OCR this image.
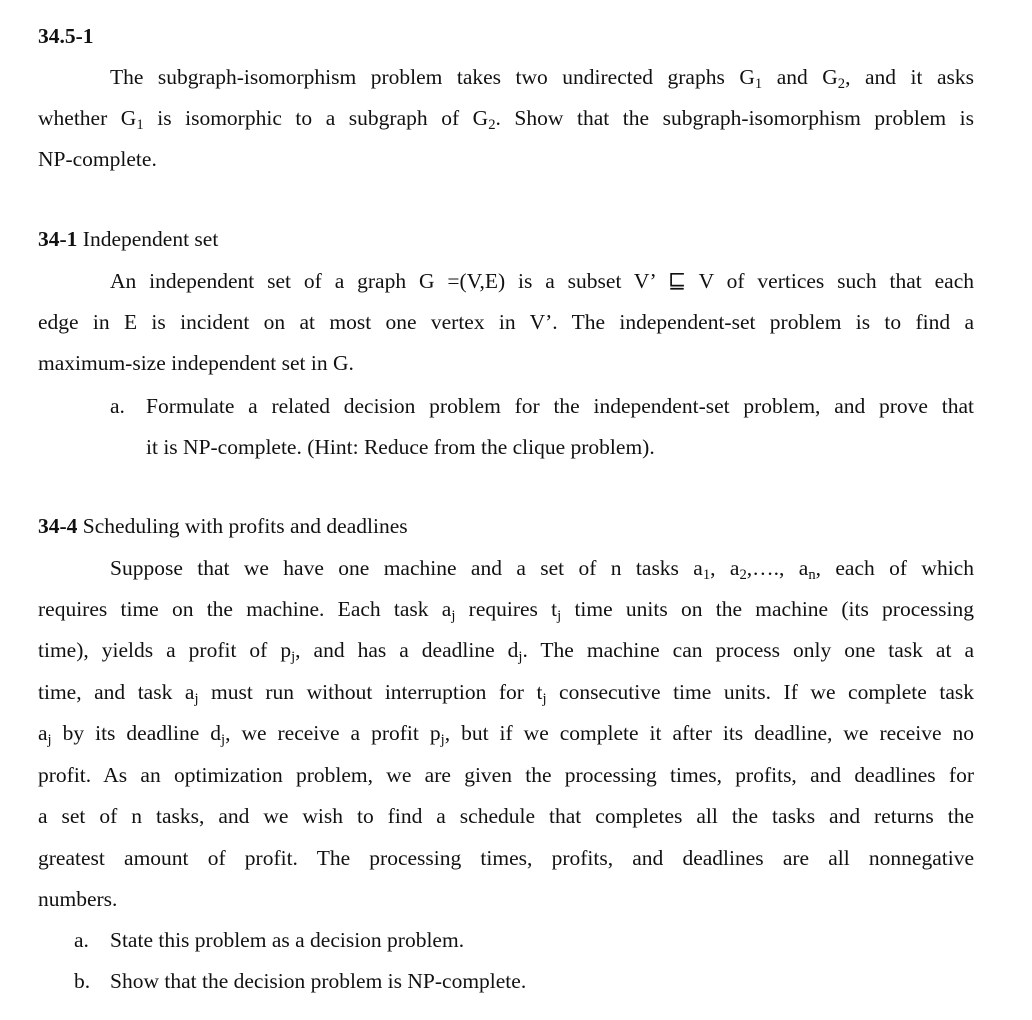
34.5-1
The subgraph-isomorphism problem takes two undirected graphs $G_1$ and $G_2$, and it asks
whether $G_1$ is isomorphic to a subgraph of $G_2$. Show that the subgraph-isomorphism problem is
NP-complete.
34-1 Independent set
An independent set of a graph G =(V,E) is a subset V’ ⊑ V of vertices such that each
edge in E is incident on at most one vertex in V’. The independent-set problem is to find a
maximum-size independent set in G.
a. Formulate a related decision problem for the independent-set problem, and prove that
it is NP-complete. (Hint: Reduce from the clique problem).
34-4 Scheduling with profits and deadlines
Suppose that we have one machine and a set of n tasks $a_1$, $a_2,\dots$., $a_n$, each of which
requires time on the machine. Each task $a_j$ requires $t_j$ time units on the machine (its processing
time), yields a profit of $p_j$, and has a deadline $d_j$. The machine can process only one task at a
time, and task $a_j$ must run without interruption for $t_j$ consecutive time units. If we complete task
$a_j$ by its deadline $d_j$, we receive a profit $p_j$, but if we complete it after its deadline, we receive no
profit. As an optimization problem, we are given the processing times, profits, and deadlines for
a set of n tasks, and we wish to find a schedule that completes all the tasks and returns the
greatest amount of profit. The processing times, profits, and deadlines are all nonnegative
numbers.
a. State this problem as a decision problem.
b. Show that the decision problem is NP-complete.
